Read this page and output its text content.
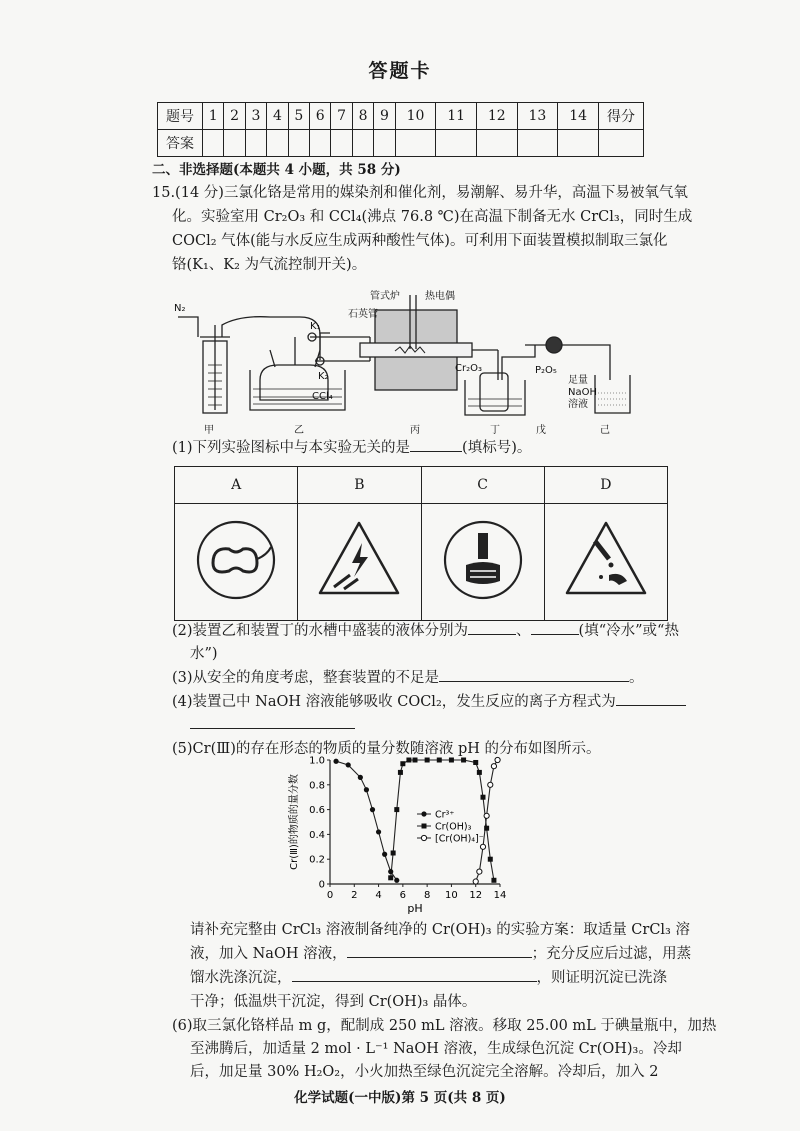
答题卡
题号	1	2	3	4	5	6	7	8	9	10	11	12	13	14	得分
答案															
二、非选择题(本题共 4 小题，共 58 分)
15.(14 分)三氯化铬是常用的媒染剂和催化剂，易潮解、易升华，高温下易被氧气氧
化。实验室用 Cr₂O₃ 和 CCl₄(沸点 76.8 ℃)在高温下制备无水 CrCl₃，同时生成
COCl₂ 气体(能与水反应生成两种酸性气体)。可利用下面装置模拟制取三氯化
铬(K₁、K₂ 为气流控制开关)。
N₂
K₁
K₂
CCl₄
石英管
管式炉	热电偶
Cr₂O₃	P₂O₅
足量
NaOH
溶液
甲	乙	丙	丁	戊	己
(1)下列实验图标中与本实验无关的是	(填标号)。
A	B	C	D

(2)装置乙和装置丁的水槽中盛装的液体分别为	、	(填“冷水”或“热
水”)
(3)从安全的角度考虑，整套装置的不足是	。
(4)装置己中 NaOH 溶液能够吸收 COCl₂，发生反应的离子方程式为
(5)Cr(Ⅲ)的存在形态的物质的量分数随溶液 pH 的分布如图所示。
pH
Cr(Ⅲ)的物质的量分数
0 2 4 6 8 10 12 14
0
0.2
0.4
0.6
0.8
1.0
Cr³⁺
Cr(OH)₃
[Cr(OH)₄]⁻
请补充完整由 CrCl₃ 溶液制备纯净的 Cr(OH)₃ 的实验方案：取适量 CrCl₃ 溶
液，加入 NaOH 溶液，	；充分反应后过滤，用蒸
馏水洗涤沉淀，	，则证明沉淀已洗涤
干净；低温烘干沉淀，得到 Cr(OH)₃ 晶体。
(6)取三氯化铬样品 m g，配制成 250 mL 溶液。移取 25.00 mL 于碘量瓶中，加热
至沸腾后，加适量 2 mol · L⁻¹ NaOH 溶液，生成绿色沉淀 Cr(OH)₃。冷却
后，加足量 30% H₂O₂，小火加热至绿色沉淀完全溶解。冷却后，加入 2
化学试题(一中版)第 5 页(共 8 页)
